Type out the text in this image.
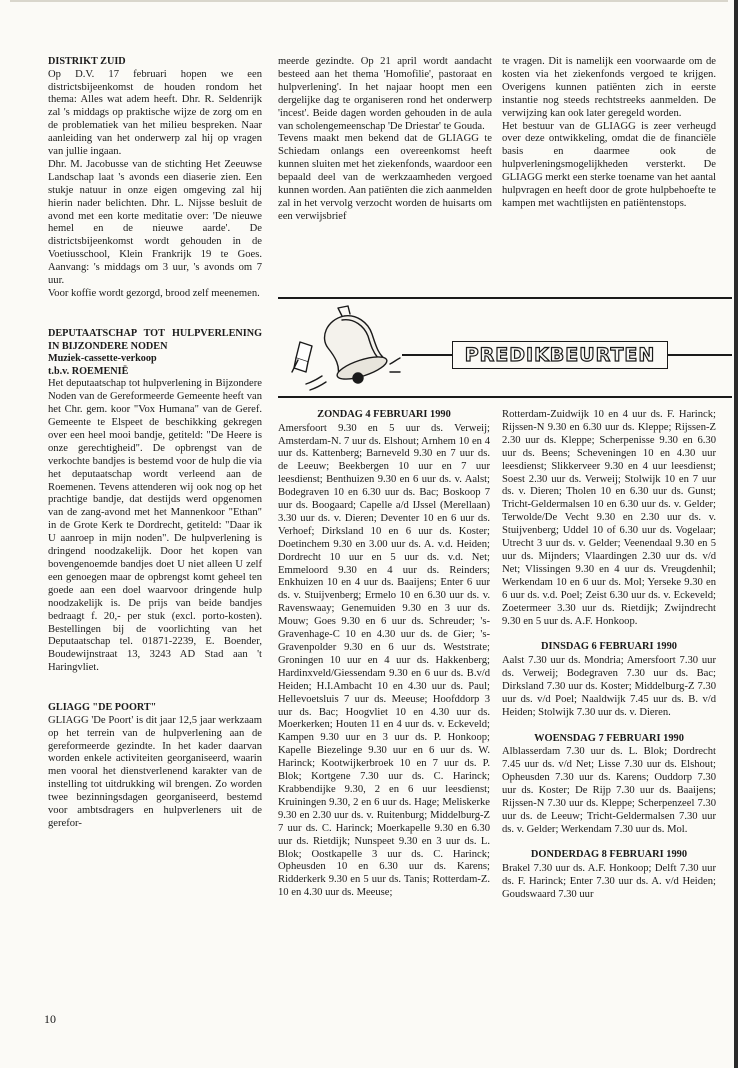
DISTRIKT ZUID

Op D.V. 17 februari hopen we een districtsbijeenkomst de houden rondom het thema: Alles wat adem heeft. Dhr. R. Seldenrijk zal 's middags op praktische wijze de zorg om en de problematiek van het milieu bespreken. Naar aanleiding van het onderwerp zal hij op vragen van jullie ingaan.

Dhr. M. Jacobusse van de stichting Het Zeeuwse Landschap laat 's avonds een diaserie zien. Een stukje natuur in onze eigen omgeving zal hij hierin nader belichten. Dhr. L. Nijsse besluit de avond met een korte meditatie over: 'De nieuwe hemel en de nieuwe aarde'. De districtsbijeenkomst wordt gehouden in de Voetiusschool, Klein Frankrijk 19 te Goes. Aanvang: 's middags om 3 uur, 's avonds om 7 uur.

Voor koffie wordt gezorgd, brood zelf meenemen.

DEPUTAATSCHAP TOT HULPVERLENING IN BIJZONDERE NODEN
Muziek-cassette-verkoop
t.b.v. ROEMENIË

Het deputaatschap tot hulpverlening in Bijzondere Noden van de Gereformeerde Gemeente heeft van het Chr. gem. koor "Vox Humana" van de Geref. Gemeente te Elspeet de beschikking gekregen over een heel mooi bandje, getiteld: "De Heere is onze gerechtigheid". De opbrengst van de verkochte bandjes is bestemd voor de hulp die via het deputaatschap wordt verleend aan de Roemenen. Tevens attenderen wij ook nog op het prachtige bandje, dat destijds werd opgenomen van de zang-avond met het Mannenkoor "Ethan" in de Grote Kerk te Dordrecht, getiteld: "Daar ik U aanroep in mijn noden". De hulpverlening is dringend noodzakelijk. Door het kopen van bovengenoemde bandjes doet U niet alleen U zelf een genoegen maar de opbrengst komt geheel ten goede aan een doel waarvoor dringende hulp noodzakelijk is. De prijs van beide bandjes bedraagt f. 20,- per stuk (excl. porto-kosten). Bestellingen bij de voorlichting van het Deputaatschap tel. 01871-2239, E. Boender, Boudewijnstraat 13, 3243 AD Stad aan 't Haringvliet.

GLIAGG "DE POORT"

GLIAGG 'De Poort' is dit jaar 12,5 jaar werkzaam op het terrein van de hulpverlening aan de gereformeerde gezindte. In het kader daarvan worden enkele activiteiten georganiseerd, waarin men vooral het dienstverlenend karakter van de instelling tot uitdrukking wil brengen. Zo worden twee bezinningsdagen georganiseerd, bestemd voor ambtsdragers en hulpverleners uit de gerefor-

meerde gezindte. Op 21 april wordt aandacht besteed aan het thema 'Homofilie', pastoraat en hulpverlening'. In het najaar hoopt men een dergelijke dag te organiseren rond het onderwerp 'incest'. Beide dagen worden gehouden in de aula van scholengemeenschap 'De Driestar' te Gouda.

Tevens maakt men bekend dat de GLIAGG te Schiedam onlangs een overeenkomst heeft kunnen sluiten met het ziekenfonds, waardoor een bepaald deel van de werkzaamheden vergoed kunnen worden. Aan patiënten die zich aanmelden zal in het vervolg verzocht worden de huisarts om een verwijsbrief

te vragen. Dit is namelijk een voorwaarde om de kosten via het ziekenfonds vergoed te krijgen. Overigens kunnen patiënten zich in eerste instantie nog steeds rechtstreeks aanmelden. De verwijzing kan ook later geregeld worden.

Het bestuur van de GLIAGG is zeer verheugd over deze ontwikkeling, omdat die de financiële basis en daarmee ook de hulpverleningsmogelijkheden versterkt. De GLIAGG merkt een sterke toename van het aantal hulpvragen en heeft door de grote hulpbehoefte te kampen met wachtlijsten en patiëntenstops.

PREDIKBEURTEN
ZONDAG 4 FEBRUARI 1990

Amersfoort 9.30 en 5 uur ds. Verweij; Amsterdam-N. 7 uur ds. Elshout; Arnhem 10 en 4 uur ds. Kattenberg; Barneveld 9.30 en 7 uur ds. de Leeuw; Beekbergen 10 uur en 7 uur leesdienst; Benthuizen 9.30 en 6 uur ds. v. Aalst; Bodegraven 10 en 6.30 uur ds. Bac; Boskoop 7 uur ds. Boogaard; Capelle a/d IJssel (Merellaan) 3.30 uur ds. v. Dieren; Deventer 10 en 6 uur ds. Verhoef; Dirksland 10 en 6 uur ds. Koster; Doetinchem 9.30 en 3.00 uur ds. A. v.d. Heiden; Dordrecht 10 uur en 5 uur ds. v.d. Net; Emmeloord 9.30 en 4 uur ds. Reinders; Enkhuizen 10 en 4 uur ds. Baaijens; Enter 6 uur ds. v. Stuijvenberg; Ermelo 10 en 6.30 uur ds. v. Ravenswaay; Genemuiden 9.30 en 3 uur ds. Mouw; Goes 9.30 en 6 uur ds. Schreuder; 's-Gravenhage-C 10 en 4.30 uur ds. de Gier; 's-Gravenpolder 9.30 en 6 uur ds. Weststrate; Groningen 10 uur en 4 uur ds. Hakkenberg; Hardinxveld/Giessendam 9.30 en 6 uur ds. B.v/d Heiden; H.I.Ambacht 10 en 4.30 uur ds. Paul; Hellevoetsluis 7 uur ds. Meeuse; Hoofddorp 3 uur ds. Bac; Hoogvliet 10 en 4.30 uur ds. Moerkerken; Houten 11 en 4 uur ds. v. Eckeveld; Kampen 9.30 uur en 3 uur ds. P. Honkoop; Kapelle Biezelinge 9.30 uur en 6 uur ds. W. Harinck; Kootwijkerbroek 10 en 7 uur ds. P. Blok; Kortgene 7.30 uur ds. C. Harinck; Krabbendijke 9.30, 2 en 6 uur leesdienst; Kruiningen 9.30, 2 en 6 uur ds. Hage; Meliskerke 9.30 en 2.30 uur ds. v. Ruitenburg; Middelburg-Z 7 uur ds. C. Harinck; Moerkapelle 9.30 en 6.30 uur ds. Rietdijk; Nunspeet 9.30 en 3 uur ds. L. Blok; Oostkapelle 3 uur ds. C. Harinck; Opheusden 10 en 6.30 uur ds. Karens; Ridderkerk 9.30 en 5 uur ds. Tanis; Rotterdam-Z. 10 en 4.30 uur ds. Meeuse;

Rotterdam-Zuidwijk 10 en 4 uur ds. F. Harinck; Rijssen-N 9.30 en 6.30 uur ds. Kleppe; Rijssen-Z 2.30 uur ds. Kleppe; Scherpenisse 9.30 en 6.30 uur ds. Beens; Scheveningen 10 en 4.30 uur leesdienst; Slikkerveer 9.30 en 4 uur leesdienst; Soest 2.30 uur ds. Verweij; Stolwijk 10 en 7 uur ds. v. Dieren; Tholen 10 en 6.30 uur ds. Gunst; Tricht-Geldermalsen 10 en 6.30 uur ds. v. Gelder; Terwolde/De Vecht 9.30 en 2.30 uur ds. v. Stuijvenberg; Uddel 10 of 6.30 uur ds. Vogelaar; Utrecht 3 uur ds. v. Gelder; Veenendaal 9.30 en 5 uur ds. Mijnders; Vlaardingen 2.30 uur ds. v/d Net; Vlissingen 9.30 en 4 uur ds. Vreugdenhil; Werkendam 10 en 6 uur ds. Mol; Yerseke 9.30 en 6 uur ds. v.d. Poel; Zeist 6.30 uur ds. v. Eckeveld; Zoetermeer 3.30 uur ds. Rietdijk; Zwijndrecht 9.30 en 5 uur ds. A.F. Honkoop.

DINSDAG 6 FEBRUARI 1990

Aalst 7.30 uur ds. Mondria; Amersfoort 7.30 uur ds. Verweij; Bodegraven 7.30 uur ds. Bac; Dirksland 7.30 uur ds. Koster; Middelburg-Z 7.30 uur ds. v/d Poel; Naaldwijk 7.45 uur ds. B. v/d Heiden; Stolwijk 7.30 uur ds. v. Dieren.

WOENSDAG 7 FEBRUARI 1990

Alblasserdam 7.30 uur ds. L. Blok; Dordrecht 7.45 uur ds. v/d Net; Lisse 7.30 uur ds. Elshout; Opheusden 7.30 uur ds. Karens; Ouddorp 7.30 uur ds. Koster; De Rijp 7.30 uur ds. Baaijens; Rijssen-N 7.30 uur ds. Kleppe; Scherpenzeel 7.30 uur ds. de Leeuw; Tricht-Geldermalsen 7.30 uur ds. v. Gelder; Werkendam 7.30 uur ds. Mol.

DONDERDAG 8 FEBRUARI 1990

Brakel 7.30 uur ds. A.F. Honkoop; Delft 7.30 uur ds. F. Harinck; Enter 7.30 uur ds. A. v/d Heiden; Goudswaard 7.30 uur

10
